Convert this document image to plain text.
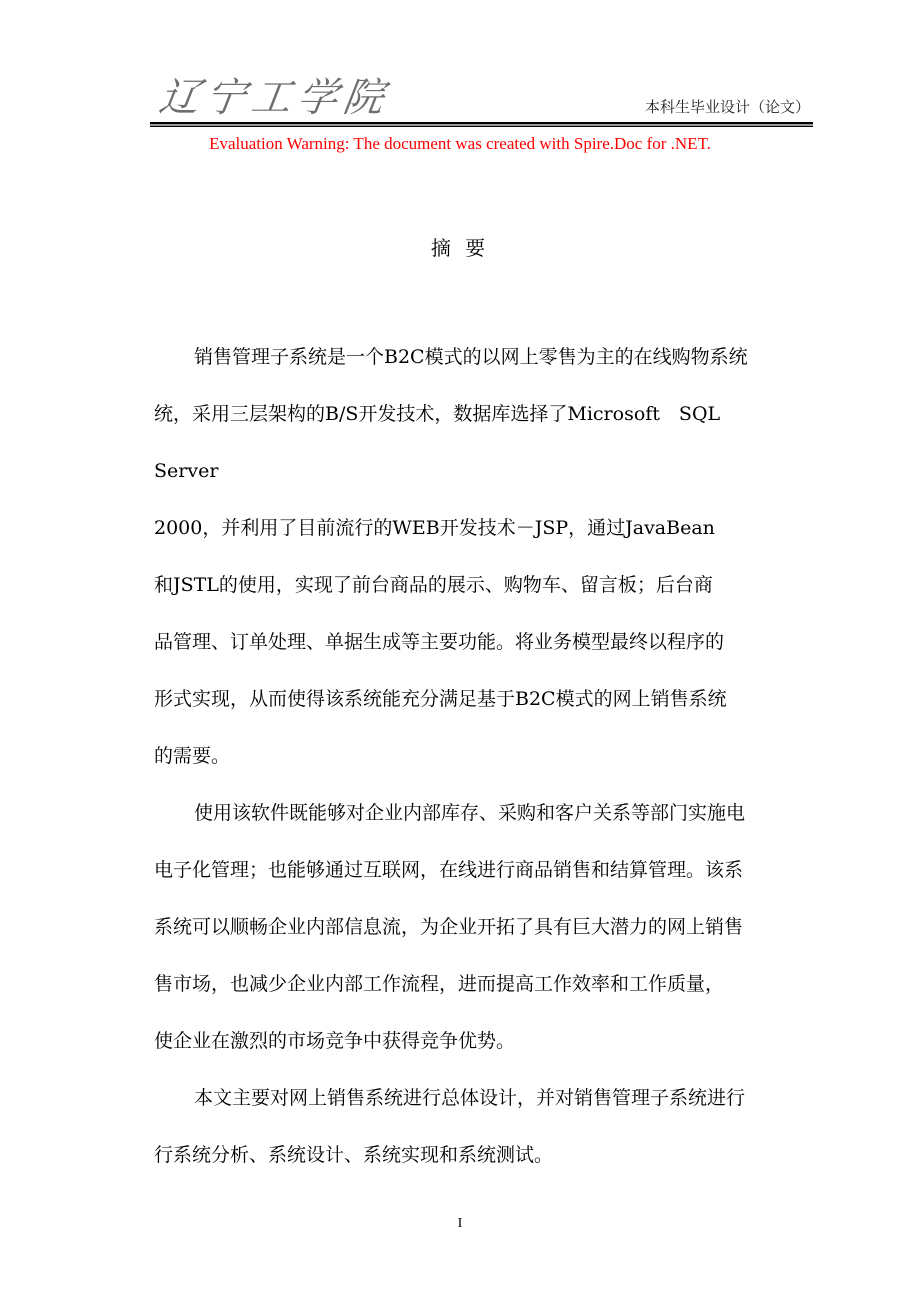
辽宁工学院	本科生毕业设计（论文）
Evaluation Warning: The document was created with Spire.Doc for .NET.
摘 要
销售管理子系统是一个B2C模式的以网上零售为主的在线购物系统
统，采用三层架构的B/S开发技术，数据库选择了Microsoft　SQL
Server
2000，并利用了目前流行的WEB开发技术－JSP，通过JavaBean
和JSTL的使用，实现了前台商品的展示、购物车、留言板；后台商
品管理、订单处理、单据生成等主要功能。将业务模型最终以程序的
形式实现，从而使得该系统能充分满足基于B2C模式的网上销售系统
的需要。
使用该软件既能够对企业内部库存、采购和客户关系等部门实施电
电子化管理；也能够通过互联网，在线进行商品销售和结算管理。该系
系统可以顺畅企业内部信息流，为企业开拓了具有巨大潜力的网上销售
售市场，也减少企业内部工作流程，进而提高工作效率和工作质量，
使企业在激烈的市场竞争中获得竞争优势。
本文主要对网上销售系统进行总体设计，并对销售管理子系统进行
行系统分析、系统设计、系统实现和系统测试。
I
